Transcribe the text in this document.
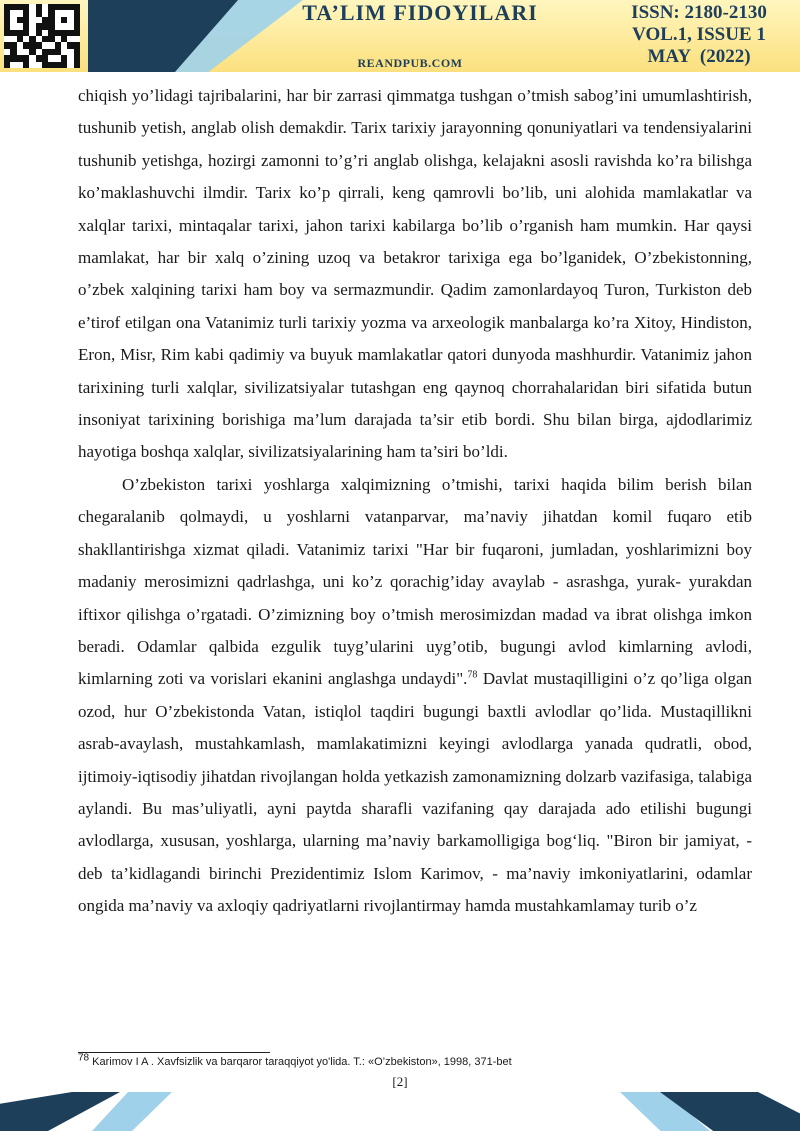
TA’LIM FIDOYILARI
REANDPUB.COM
ISSN: 2180-2130
VOL.1, ISSUE 1
MAY  (2022)

chiqish yo’lidagi tajribalarini, har bir zarrasi qimmatga tushgan o’tmish sabog’ini umumlashtirish, tushunib yetish, anglab olish demakdir. Tarix tarixiy jarayonning qonuniyatlari va tendensiyalarini tushunib yetishga, hozirgi zamonni to’g’ri anglab olishga, kelajakni asosli ravishda ko’ra bilishga ko’maklashuvchi ilmdir. Tarix ko’p qirrali, keng qamrovli bo’lib, uni alohida mamlakatlar va xalqlar tarixi, mintaqalar tarixi, jahon tarixi kabilarga bo’lib o’rganish ham mumkin. Har qaysi mamlakat, har bir xalq o’zining uzoq va betakror tarixiga ega bo’lganidek, O’zbekistonning, o’zbek xalqining tarixi ham boy va sermazmundir. Qadim zamonlardayoq Turon, Turkiston deb e’tirof etilgan ona Vatanimiz turli tarixiy yozma va arxeologik manbalarga ko’ra Xitoy, Hindiston, Eron, Misr, Rim kabi qadimiy va buyuk mamlakatlar qatori dunyoda mashhurdir. Vatanimiz jahon tarixining turli xalqlar, sivilizatsiyalar tutashgan eng qaynoq chorrahalaridan biri sifatida butun insoniyat tarixining borishiga ma’lum darajada ta’sir etib bordi. Shu bilan birga, ajdodlarimiz hayotiga boshqa xalqlar, sivilizatsiyalarining ham ta’siri bo’ldi.

O’zbekiston tarixi yoshlarga xalqimizning o’tmishi, tarixi haqida bilim berish bilan chegaralanib qolmaydi, u yoshlarni vatanparvar, ma’naviy jihatdan komil fuqaro etib shakllantirishga xizmat qiladi. Vatanimiz tarixi "Har bir fuqaroni, jumladan, yoshlarimizni boy madaniy merosimizni qadrlashga, uni ko’z qorachig’iday avaylab - asrashga, yurak- yurakdan iftixor qilishga o’rgatadi. O’zimizning boy o’tmish merosimizdan madad va ibrat olishga imkon beradi. Odamlar qalbida ezgulik tuyg’ularini uyg’otib, bugungi avlod kimlarning avlodi, kimlarning zoti va vorislari ekanini anglashga undaydi".$^{78}$ Davlat mustaqilligini o’z qo’liga olgan ozod, hur O’zbekistonda Vatan, istiqlol taqdiri bugungi baxtli avlodlar qo’lida. Mustaqillikni asrab-avaylash, mustahkamlash, mamlakatimizni keyingi avlodlarga yanada qudratli, obod, ijtimoiy-iqtisodiy jihatdan rivojlangan holda yetkazish zamonamizning dolzarb vazifasiga, talabiga aylandi. Bu mas’uliyatli, ayni paytda sharafli vazifaning qay darajada ado etilishi bugungi avlodlarga, xususan, yoshlarga, ularning ma’naviy barkamolligiga bog‘liq. "Biron bir jamiyat, - deb ta’kidlagandi birinchi Prezidentimiz Islom Karimov, - ma’naviy imkoniyatlarini, odamlar ongida ma’naviy va axloqiy qadriyatlarni rivojlantirmay hamda mustahkamlamay turib o’z

$^{78}$ Karimov I A . Xavfsizlik va barqaror taraqqiyot yo'lida. T.: «O’zbekiston», 1998, 371-bet
[2]
